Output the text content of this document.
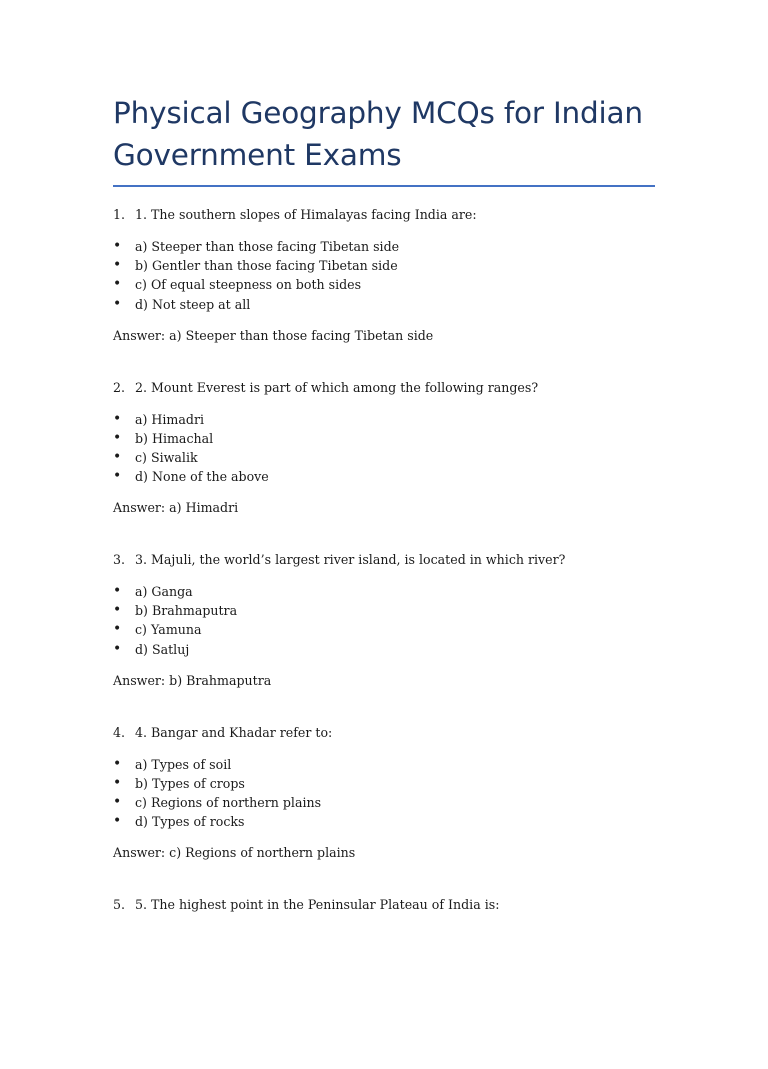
Physical Geography MCQs for Indian Government Exams
1. 1. The southern slopes of Himalayas facing India are:
•	a) Steeper than those facing Tibetan side
•	b) Gentler than those facing Tibetan side
•	c) Of equal steepness on both sides
•	d) Not steep at all
Answer: a) Steeper than those facing Tibetan side
2. 2. Mount Everest is part of which among the following ranges?
•	a) Himadri
•	b) Himachal
•	c) Siwalik
•	d) None of the above
Answer: a) Himadri
3. 3. Majuli, the world’s largest river island, is located in which river?
•	a) Ganga
•	b) Brahmaputra
•	c) Yamuna
•	d) Satluj
Answer: b) Brahmaputra
4. 4. Bangar and Khadar refer to:
•	a) Types of soil
•	b) Types of crops
•	c) Regions of northern plains
•	d) Types of rocks
Answer: c) Regions of northern plains
5. 5. The highest point in the Peninsular Plateau of India is:
